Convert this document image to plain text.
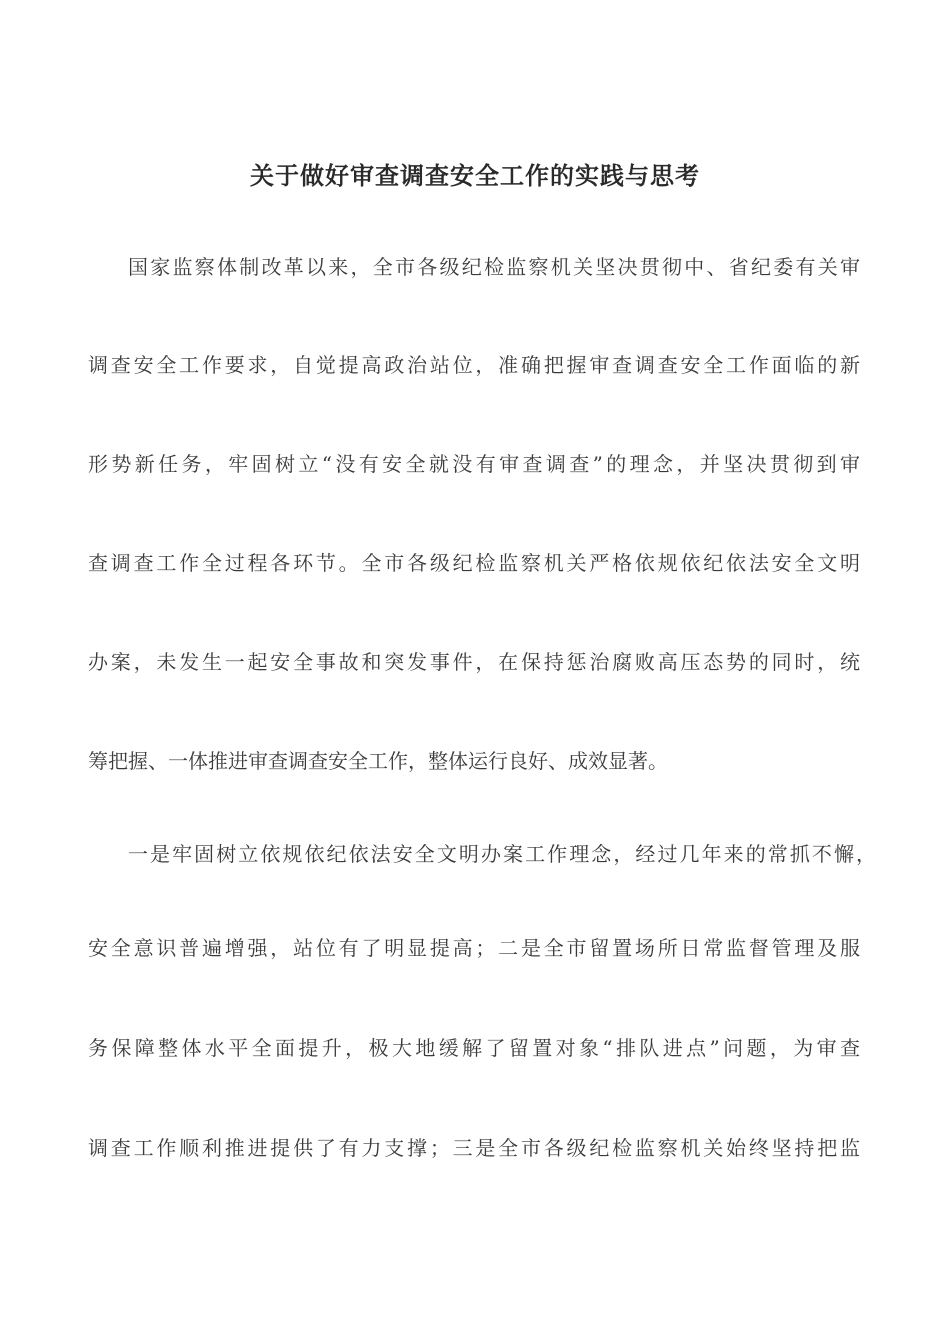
关于做好审查调查安全工作的实践与思考
国家监察体制改革以来，全市各级纪检监察机关坚决贯彻中、省纪委有关审
调查安全工作要求，自觉提高政治站位，准确把握审查调查安全工作面临的新
形势新任务，牢固树立“没有安全就没有审查调查”的理念，并坚决贯彻到审
查调查工作全过程各环节。全市各级纪检监察机关严格依规依纪依法安全文明
办案，未发生一起安全事故和突发事件，在保持惩治腐败高压态势的同时，统
筹把握、一体推进审查调查安全工作，整体运行良好、成效显著。
一是牢固树立依规依纪依法安全文明办案工作理念，经过几年来的常抓不懈，
安全意识普遍增强，站位有了明显提高；二是全市留置场所日常监督管理及服
务保障整体水平全面提升，极大地缓解了留置对象“排队进点”问题，为审查
调查工作顺利推进提供了有力支撑；三是全市各级纪检监察机关始终坚持把监
